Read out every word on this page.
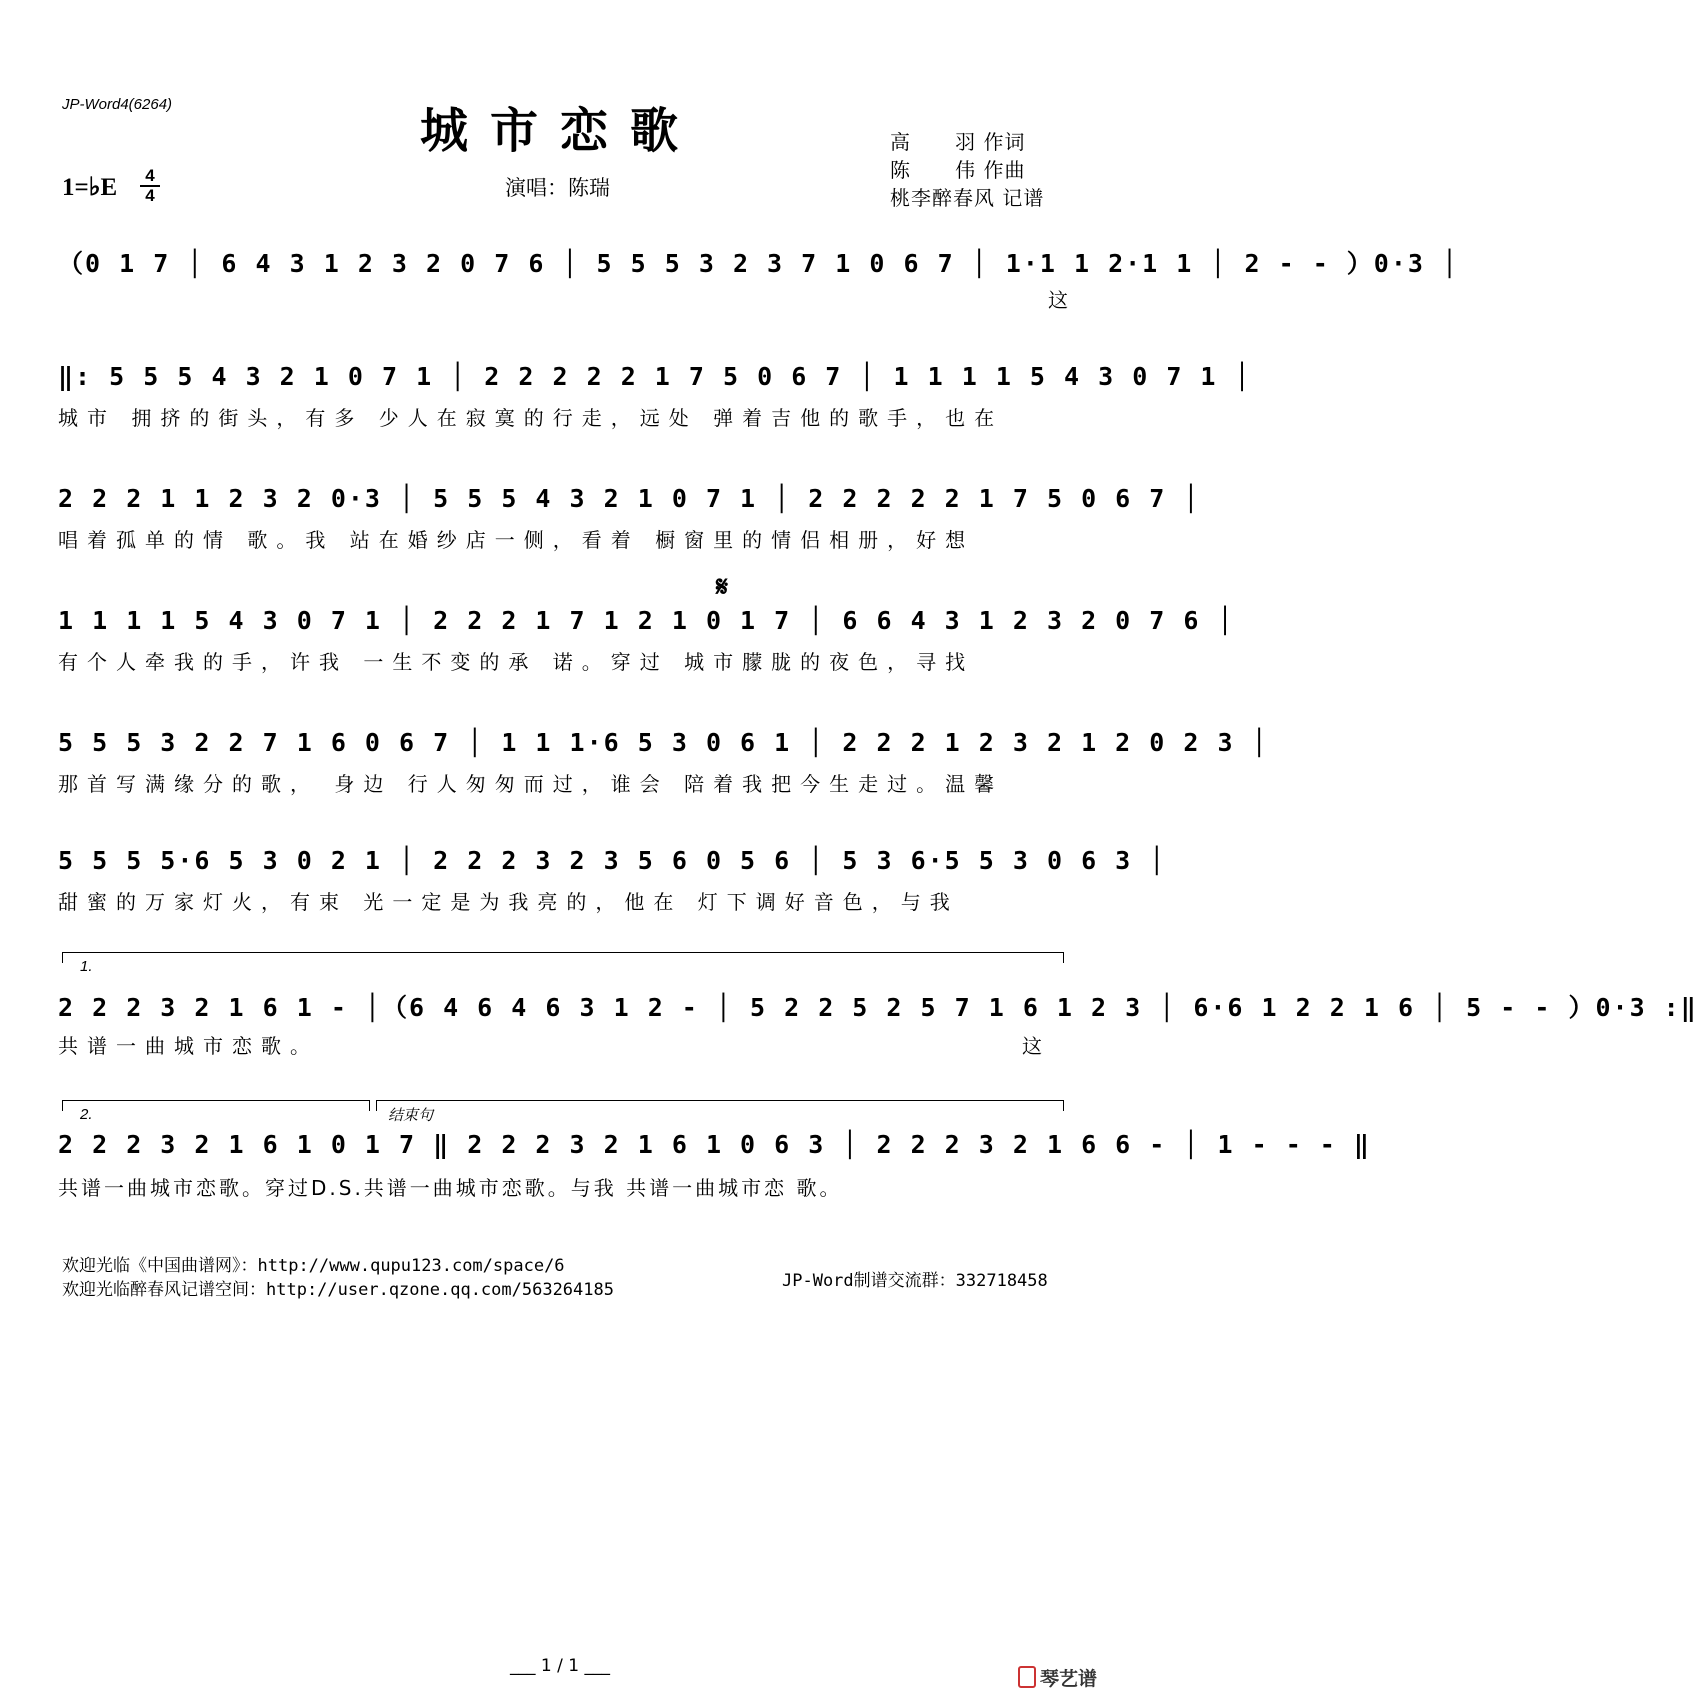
JP-Word4(6264)	城市恋歌
演唱：陈瑞
1=♭E	4
4
高      羽 作词
陈      伟 作曲
桃李醉春风 记谱
（0 1 7 │ 6 4 3 1 2 3 2 0 7 6 │ 5 5 5 3 2 3 7 1 0 6 7 │ 1·1 1 2·1 1 │ 2 - - ）0·3 │
这
‖: 5 5 5 4 3 2 1 0 7 1 │ 2 2 2 2 2 1 7 5 0 6 7 │ 1 1 1 1 5 4 3 0 7 1 │
城市 拥挤的街头，有多 少人在寂寞的行走，远处 弹着吉他的歌手，也在
2 2 2 1 1 2 3 2 0·3 │ 5 5 5 4 3 2 1 0 7 1 │ 2 2 2 2 2 1 7 5 0 6 7 │
唱着孤单的情 歌。我 站在婚纱店一侧，看着 橱窗里的情侣相册，好想
𝄋
1 1 1 1 5 4 3 0 7 1 │ 2 2 2 1 7 1 2 1 0 1 7 │ 6 6 4 3 1 2 3 2 0 7 6 │
有个人牵我的手，许我 一生不变的承 诺。穿过 城市朦胧的夜色，寻找
5 5 5 3 2 2 7 1 6 0 6 7 │ 1 1 1·6 5 3 0 6 1 │ 2 2 2 1 2 3 2 1 2 0 2 3 │
那首写满缘分的歌， 身边 行人匆匆而过，谁会 陪着我把今生走过。温馨
5 5 5 5·6 5 3 0 2 1 │ 2 2 2 3 2 3 5 6 0 5 6 │ 5 3 6·5 5 3 0 6 3 │
甜蜜的万家灯火，有束 光一定是为我亮的，他在 灯下调好音色，与我
1.
2 2 2 3 2 1 6 1 - │（6 4 6 4 6 3 1 2 - │ 5 2 2 5 2 5 7 1 6 1 2 3 │ 6·6 1 2 2 1 6 │ 5 - - ）0·3 :‖
共谱一曲城市恋歌。	这
2.	结束句
2 2 2 3 2 1 6 1 0 1 7 ‖ 2 2 2 3 2 1 6 1 0 6 3 │ 2 2 2 3 2 1 6 6 - │ 1 - - - ‖
共谱一曲城市恋歌。穿过D.S.共谱一曲城市恋歌。与我 共谱一曲城市恋 歌。
欢迎光临《中国曲谱网》：http://www.qupu123.com/space/6
欢迎光临醉春风记谱空间：http://user.qzone.qq.com/563264185	JP-Word制谱交流群：332718458
___ 1 / 1 ___
琴艺谱
